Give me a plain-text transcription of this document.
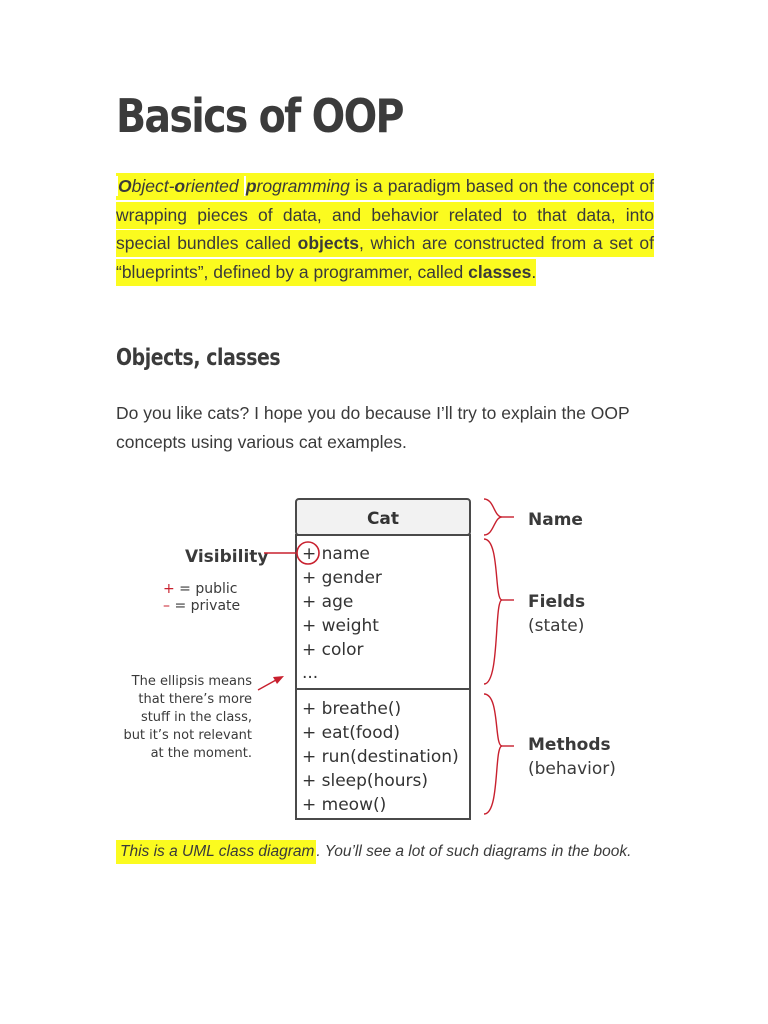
Basics of OOP

Object-oriented programming is a paradigm based on the concept of wrapping pieces of data, and behavior related to that data, into special bundles called objects, which are constructed from a set of “blueprints”, defined by a programmer, called classes.

Objects, classes

Do you like cats? I hope you do because I’ll try to explain the OOP concepts using various cat examples.

Cat
+ name
+ gender
+ age
+ weight
+ color
...
+ breathe()
+ eat(food)
+ run(destination)
+ sleep(hours)
+ meow()
Visibility
+ = public
– = private
The ellipsis means
that there’s more
stuff in the class,
but it’s not relevant
at the moment.
Name
Fields
(state)
Methods
(behavior)

This is a UML class diagram . You’ll see a lot of such diagrams in the book.
